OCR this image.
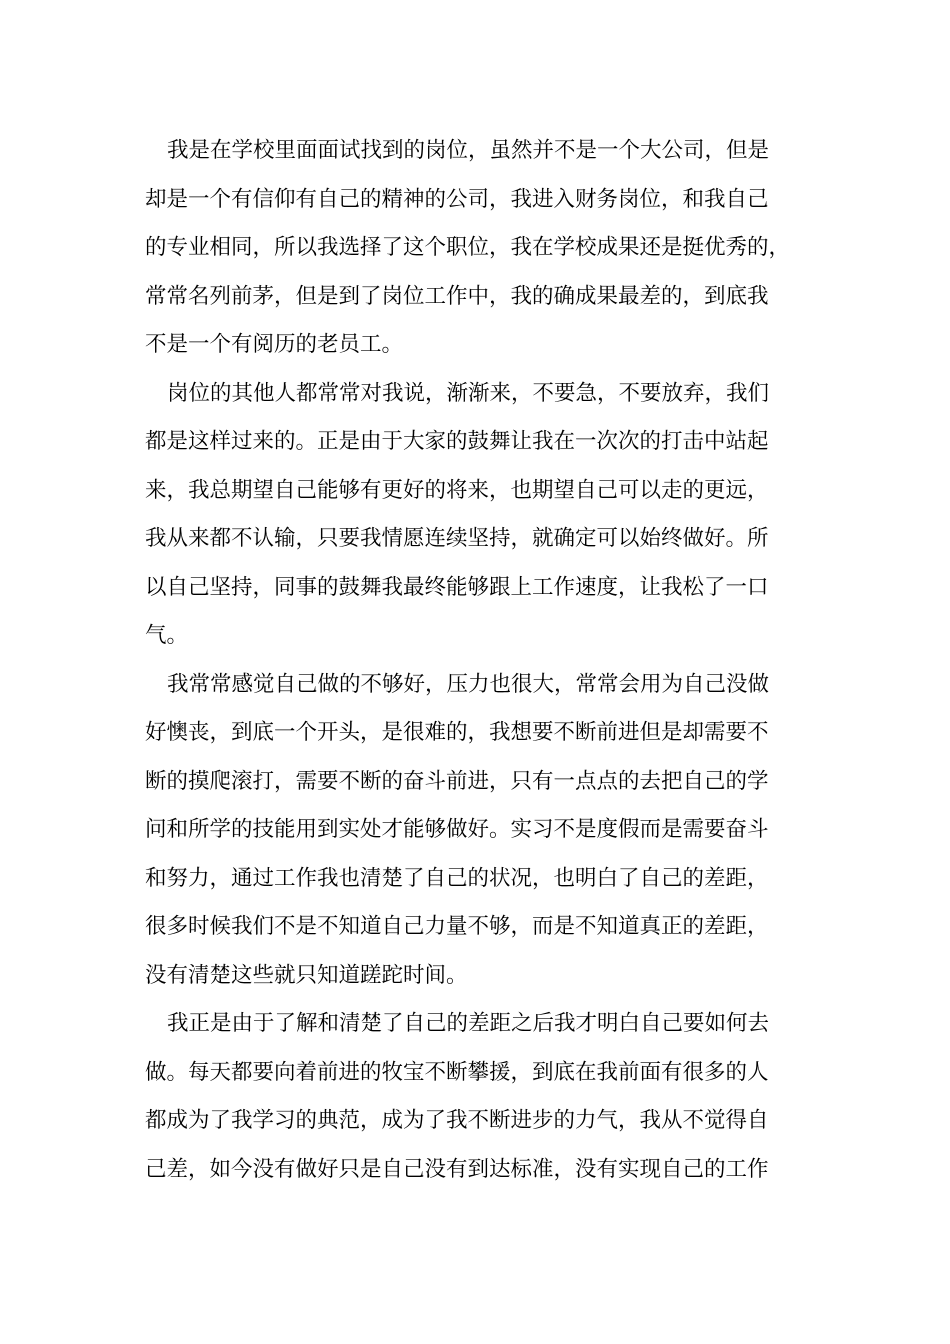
我是在学校里面面试找到的岗位，虽然并不是一个大公司，但是
却是一个有信仰有自己的精神的公司，我进入财务岗位，和我自己
的专业相同，所以我选择了这个职位，我在学校成果还是挺优秀的，
常常名列前茅，但是到了岗位工作中，我的确成果最差的，到底我
不是一个有阅历的老员工。
岗位的其他人都常常对我说，渐渐来，不要急，不要放弃，我们
都是这样过来的。正是由于大家的鼓舞让我在一次次的打击中站起
来，我总期望自己能够有更好的将来，也期望自己可以走的更远，
我从来都不认输，只要我情愿连续坚持，就确定可以始终做好。所
以自己坚持，同事的鼓舞我最终能够跟上工作速度，让我松了一口
气。
我常常感觉自己做的不够好，压力也很大，常常会用为自己没做
好懊丧，到底一个开头，是很难的，我想要不断前进但是却需要不
断的摸爬滚打，需要不断的奋斗前进，只有一点点的去把自己的学
问和所学的技能用到实处才能够做好。实习不是度假而是需要奋斗
和努力，通过工作我也清楚了自己的状况，也明白了自己的差距，
很多时候我们不是不知道自己力量不够，而是不知道真正的差距，
没有清楚这些就只知道蹉跎时间。
我正是由于了解和清楚了自己的差距之后我才明白自己要如何去
做。每天都要向着前进的牧宝不断攀援，到底在我前面有很多的人
都成为了我学习的典范，成为了我不断进步的力气，我从不觉得自
己差，如今没有做好只是自己没有到达标准，没有实现自己的工作
